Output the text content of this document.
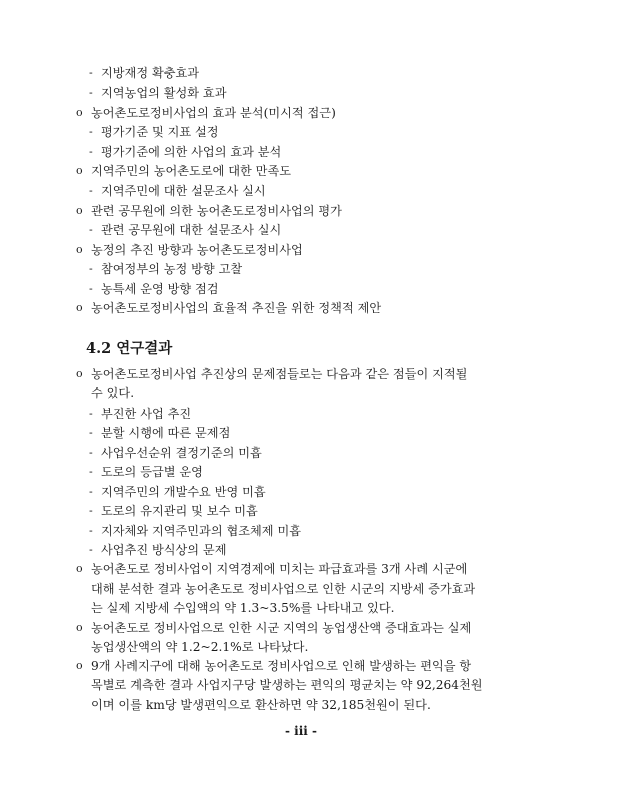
- 지방재정 확충효과
- 지역농업의 활성화 효과
o 농어촌도로정비사업의 효과 분석(미시적 접근)
- 평가기준 및 지표 설정
- 평가기준에 의한 사업의 효과 분석
o 지역주민의 농어촌도로에 대한 만족도
- 지역주민에 대한 설문조사 실시
o 관련 공무원에 의한 농어촌도로정비사업의 평가
- 관련 공무원에 대한 설문조사 실시
o 농정의 추진 방향과 농어촌도로정비사업
- 참여정부의 농정 방향 고찰
- 농특세 운영 방향 점검
o 농어촌도로정비사업의 효율적 추진을 위한 정책적 제안
4.2 연구결과
o 농어촌도로정비사업 추진상의 문제점들로는 다음과 같은 점들이 지적될
수 있다.
- 부진한 사업 추진
- 분할 시행에 따른 문제점
- 사업우선순위 결정기준의 미흡
- 도로의 등급별 운영
- 지역주민의 개발수요 반영 미흡
- 도로의 유지관리 및 보수 미흡
- 지자체와 지역주민과의 협조체제 미흡
- 사업추진 방식상의 문제
o 농어촌도로 정비사업이 지역경제에 미치는 파급효과를 3개 사례 시군에
대해 분석한 결과 농어촌도로 정비사업으로 인한 시군의 지방세 증가효과
는 실제 지방세 수입액의 약 1.3~3.5%를 나타내고 있다.
o 농어촌도로 정비사업으로 인한 시군 지역의 농업생산액 증대효과는 실제
농업생산액의 약 1.2~2.1%로 나타났다.
o 9개 사례지구에 대해 농어촌도로 정비사업으로 인해 발생하는 편익을 항
목별로 계측한 결과 사업지구당 발생하는 편익의 평균치는 약 92,264천원
이며 이를 km당 발생편익으로 환산하면 약 32,185천원이 된다.
- iii -
